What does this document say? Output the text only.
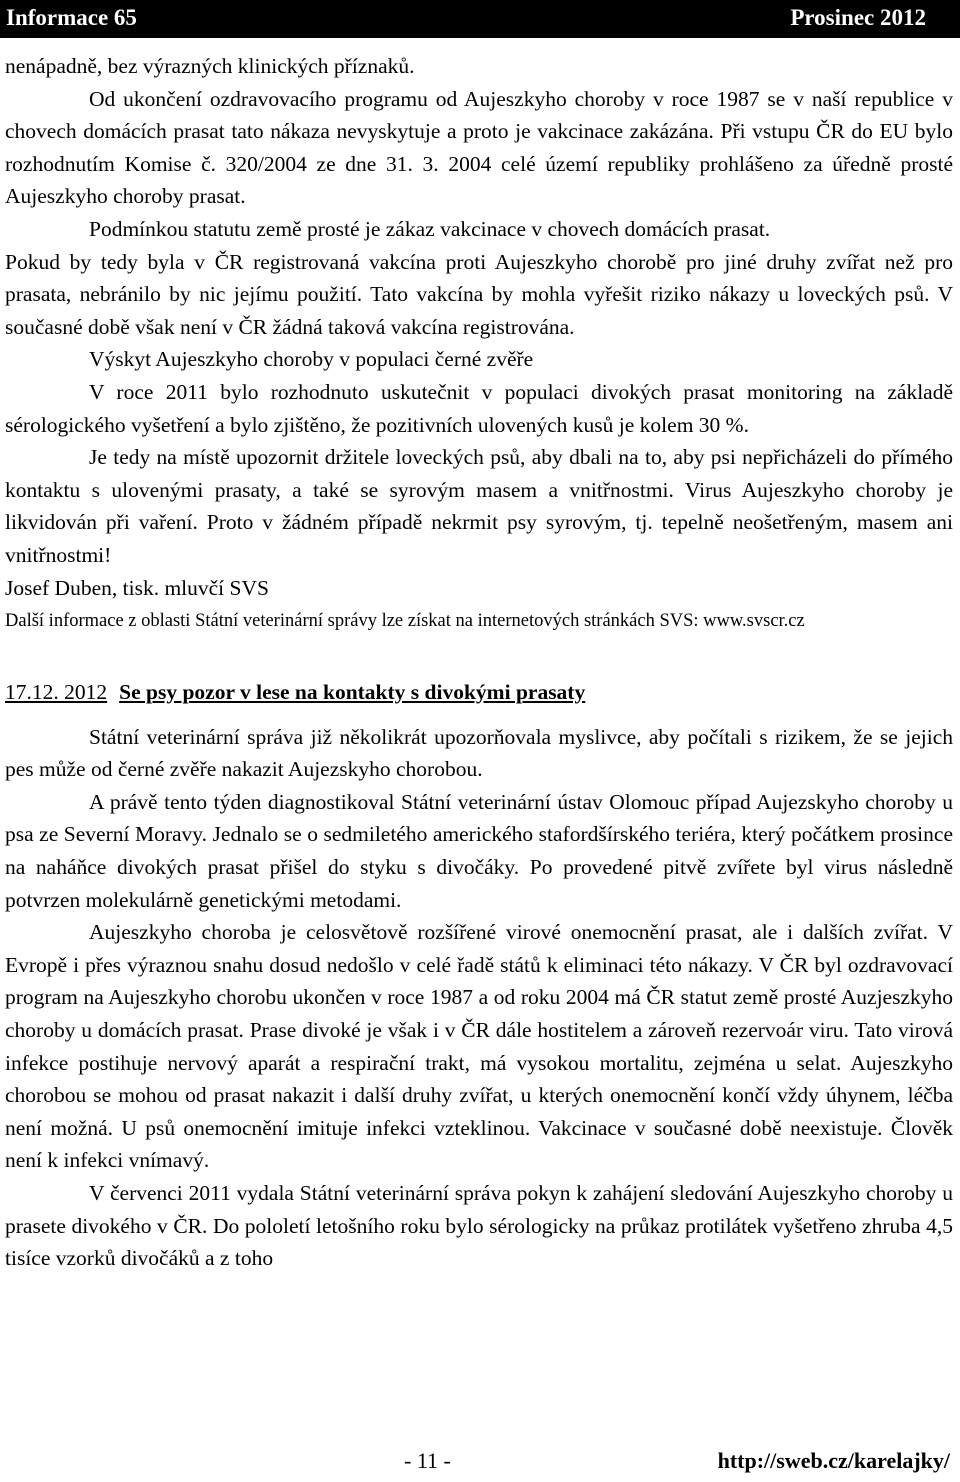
Informace 65	Prosinec 2012

nenápadně, bez výrazných klinických příznaků.

Od ukončení ozdravovacího programu od Aujeszkyho choroby v roce 1987 se v naší republice v chovech domácích prasat tato nákaza nevyskytuje a proto je vakcinace zakázána. Při vstupu ČR do EU bylo rozhodnutím Komise č. 320/2004 ze dne 31. 3. 2004 celé území republiky prohlášeno za úředně prosté Aujeszkyho choroby prasat.

Podmínkou statutu země prosté je zákaz vakcinace v chovech domácích prasat.

Pokud by tedy byla v ČR registrovaná vakcína proti Aujeszkyho chorobě pro jiné druhy zvířat než pro prasata, nebránilo by nic jejímu použití. Tato vakcína by mohla vyřešit riziko nákazy u loveckých psů. V současné době však není v ČR žádná taková vakcína registrována.

Výskyt Aujeszkyho choroby v populaci černé zvěře

V roce 2011 bylo rozhodnuto uskutečnit v populaci divokých prasat monitoring na základě sérologického vyšetření a bylo zjištěno, že pozitivních ulovených kusů je kolem 30 %.

Je tedy na místě upozornit držitele loveckých psů, aby dbali na to, aby psi nepřicházeli do přímého kontaktu s ulovenými prasaty, a také se syrovým masem a vnitřnostmi. Virus Aujeszkyho choroby je likvidován při vaření. Proto v žádném případě nekrmit psy syrovým, tj. tepelně neošetřeným, masem ani vnitřnostmi!

Josef Duben, tisk. mluvčí SVS

Další informace z oblasti Státní veterinární správy lze získat na internetových stránkách SVS: www.svscr.cz

17.12. 2012 Se psy pozor v lese na kontakty s divokými prasaty

Státní veterinární správa již několikrát upozorňovala myslivce, aby počítali s rizikem, že se jejich pes může od černé zvěře nakazit Aujezskyho chorobou.

A právě tento týden diagnostikoval Státní veterinární ústav Olomouc případ Aujezskyho choroby u psa ze Severní Moravy. Jednalo se o sedmiletého amerického stafordšírského teriéra, který počátkem prosince na naháňce divokých prasat přišel do styku s divočáky. Po provedené pitvě zvířete byl virus následně potvrzen molekulárně genetickými metodami.

Aujeszkyho choroba je celosvětově rozšířené virové onemocnění prasat, ale i dalších zvířat. V Evropě i přes výraznou snahu dosud nedošlo v celé řadě států k eliminaci této nákazy. V ČR byl ozdravovací program na Aujeszkyho chorobu ukončen v roce 1987 a od roku 2004 má ČR statut země prosté Auzjeszkyho choroby u domácích prasat. Prase divoké je však i v ČR dále hostitelem a zároveň rezervoár viru. Tato virová infekce postihuje nervový aparát a respirační trakt, má vysokou mortalitu, zejména u selat. Aujeszkyho chorobou se mohou od prasat nakazit i další druhy zvířat, u kterých onemocnění končí vždy úhynem, léčba není možná. U psů onemocnění imituje infekci vzteklinou. Vakcinace v současné době neexistuje. Člověk není k infekci vnímavý.

V červenci 2011 vydala Státní veterinární správa pokyn k zahájení sledování Aujeszkyho choroby u prasete divokého v ČR. Do pololetí letošního roku bylo sérologicky na průkaz protilátek vyšetřeno zhruba 4,5 tisíce vzorků divočáků a z toho

- 11 -	http://sweb.cz/karelajky/
